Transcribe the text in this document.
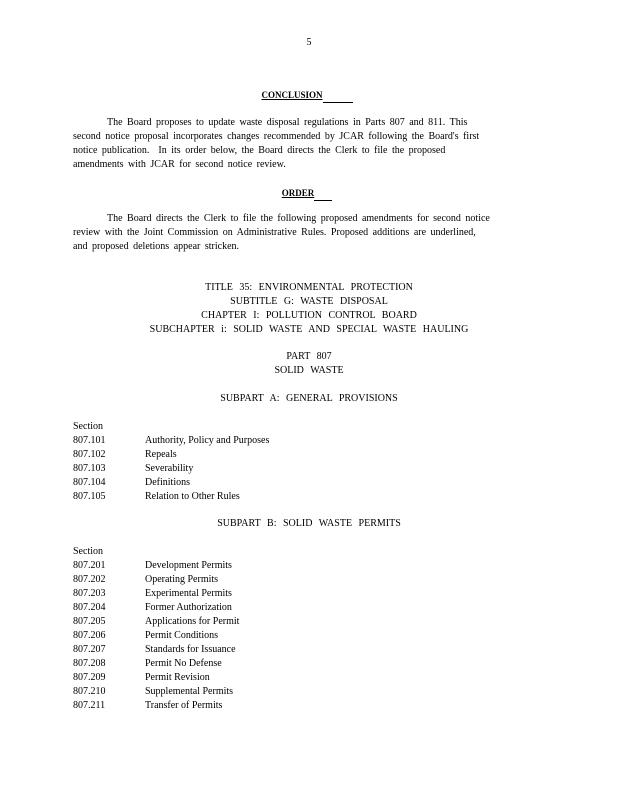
5
CONCLUSION
The Board proposes to update waste disposal regulations in Parts 807 and 811. This
second notice proposal incorporates changes recommended by JCAR following the Board's first
notice publication.  In its order below, the Board directs the Clerk to file the proposed
amendments with JCAR for second notice review.
ORDER
The Board directs the Clerk to file the following proposed amendments for second notice
review with the Joint Commission on Administrative Rules. Proposed additions are underlined,
and proposed deletions appear stricken.
TITLE 35: ENVIRONMENTAL PROTECTION
SUBTITLE G: WASTE DISPOSAL
CHAPTER I: POLLUTION CONTROL BOARD
SUBCHAPTER i: SOLID WASTE AND SPECIAL WASTE HAULING
PART 807
SOLID WASTE
SUBPART A: GENERAL PROVISIONS
Section
807.101	Authority, Policy and Purposes
807.102	Repeals
807.103	Severability
807.104	Definitions
807.105	Relation to Other Rules
SUBPART B: SOLID WASTE PERMITS
Section
807.201	Development Permits
807.202	Operating Permits
807.203	Experimental Permits
807.204	Former Authorization
807.205	Applications for Permit
807.206	Permit Conditions
807.207	Standards for Issuance
807.208	Permit No Defense
807.209	Permit Revision
807.210	Supplemental Permits
807.211	Transfer of Permits
